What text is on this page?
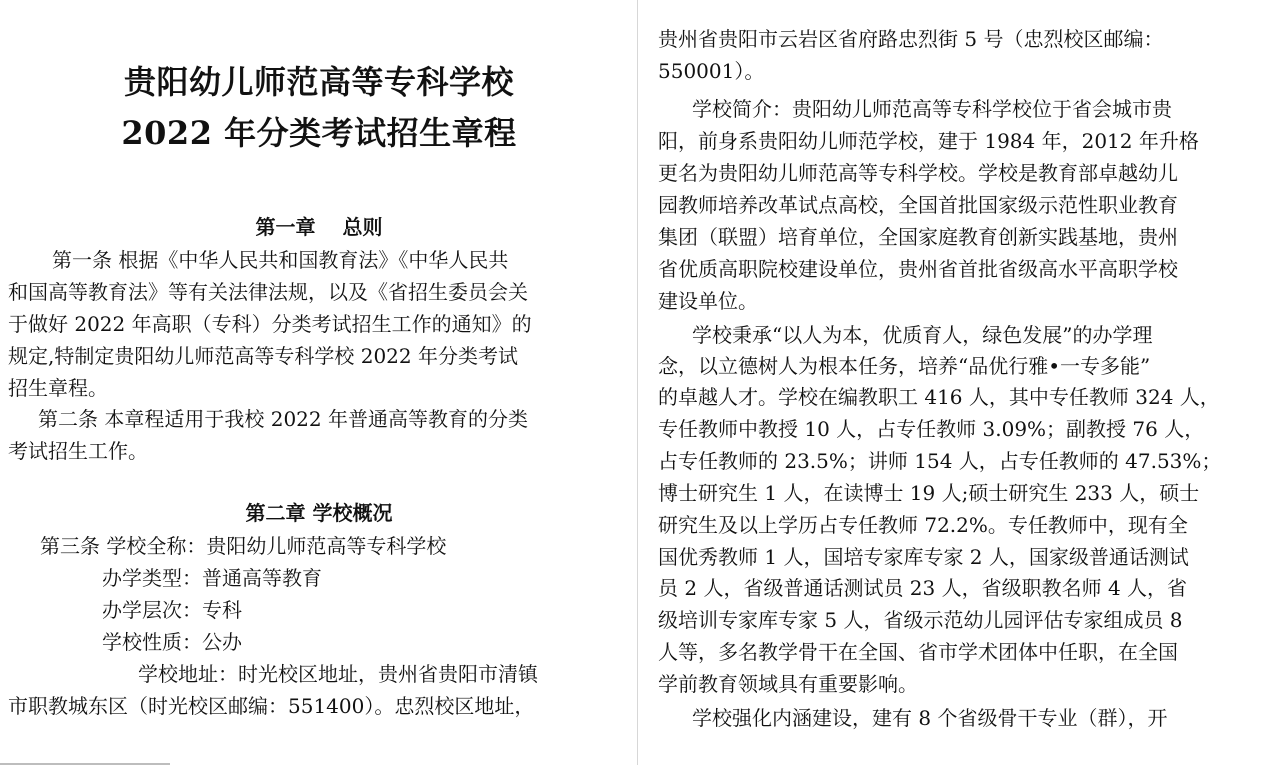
贵阳幼儿师范高等专科学校
2022 年分类考试招生章程
第一章　 总则
第一条 根据《中华人民共和国教育法》《中华人民共
和国高等教育法》等有关法律法规，以及《省招生委员会关
于做好 2022 年高职（专科）分类考试招生工作的通知》的
规定,特制定贵阳幼儿师范高等专科学校 2022 年分类考试
招生章程。
第二条 本章程适用于我校 2022 年普通高等教育的分类
考试招生工作。
第二章 学校概况
第三条 学校全称：贵阳幼儿师范高等专科学校
办学类型：普通高等教育
办学层次：专科
学校性质：公办
学校地址：时光校区地址，贵州省贵阳市清镇
市职教城东区（时光校区邮编：551400）。忠烈校区地址，
贵州省贵阳市云岩区省府路忠烈街 5 号（忠烈校区邮编：
550001）。
学校简介：贵阳幼儿师范高等专科学校位于省会城市贵
阳，前身系贵阳幼儿师范学校，建于 1984 年，2012 年升格
更名为贵阳幼儿师范高等专科学校。学校是教育部卓越幼儿
园教师培养改革试点高校，全国首批国家级示范性职业教育
集团（联盟）培育单位，全国家庭教育创新实践基地，贵州
省优质高职院校建设单位，贵州省首批省级高水平高职学校
建设单位。
学校秉承“以人为本，优质育人，绿色发展”的办学理
念，以立德树人为根本任务，培养“品优行雅•一专多能”
的卓越人才。学校在编教职工 416 人，其中专任教师 324 人，
专任教师中教授 10 人，占专任教师 3.09%；副教授 76 人，
占专任教师的 23.5%；讲师 154 人，占专任教师的 47.53%；
博士研究生 1 人，在读博士 19 人;硕士研究生 233 人，硕士
研究生及以上学历占专任教师 72.2%。专任教师中，现有全
国优秀教师 1 人，国培专家库专家 2 人，国家级普通话测试
员 2 人，省级普通话测试员 23 人，省级职教名师 4 人，省
级培训专家库专家 5 人，省级示范幼儿园评估专家组成员 8
人等，多名教学骨干在全国、省市学术团体中任职，在全国
学前教育领域具有重要影响。
学校强化内涵建设，建有 8 个省级骨干专业（群），开
